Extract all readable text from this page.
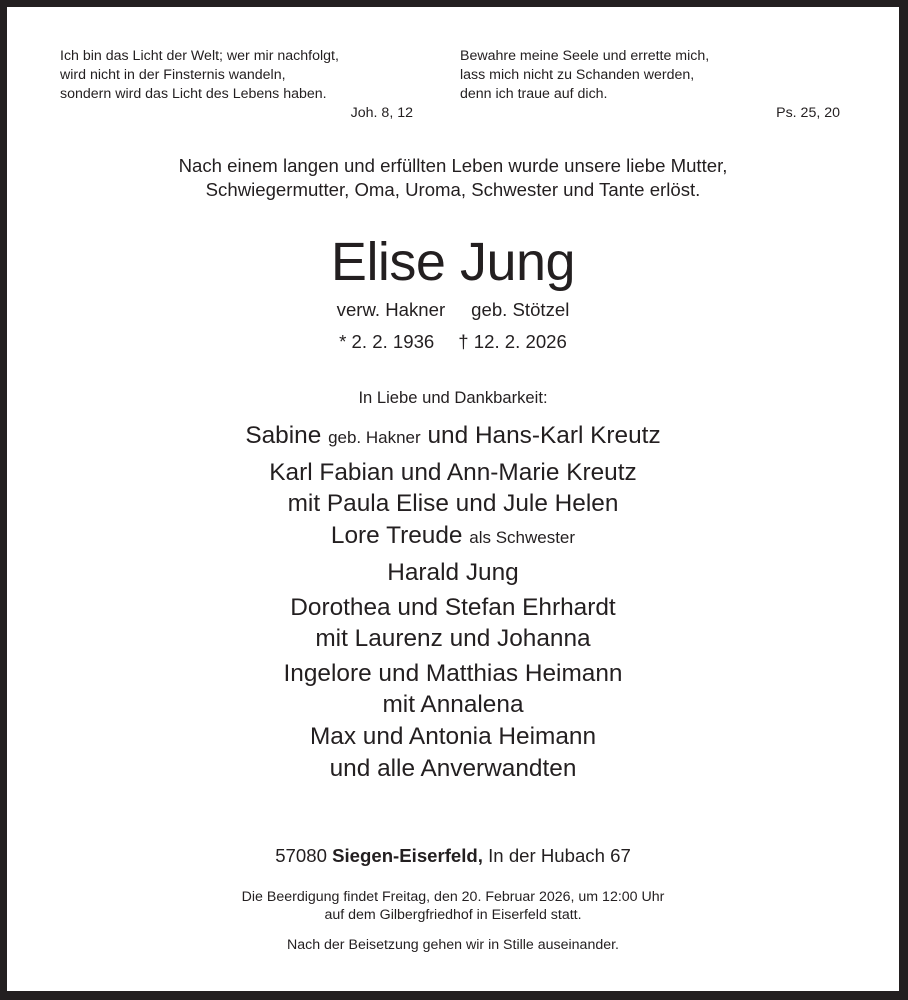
Ich bin das Licht der Welt; wer mir nachfolgt,
wird nicht in der Finsternis wandeln,
sondern wird das Licht des Lebens haben.
Joh. 8, 12
Bewahre meine Seele und errette mich,
lass mich nicht zu Schanden werden,
denn ich traue auf dich.
Ps. 25, 20
Nach einem langen und erfüllten Leben wurde unsere liebe Mutter,
Schwiegermutter, Oma, Uroma, Schwester und Tante erlöst.
Elise Jung
verw. Hakner geb. Stötzel
* 2. 2. 1936 † 12. 2. 2026
In Liebe und Dankbarkeit:
Sabine geb. Hakner und Hans-Karl Kreutz
Karl Fabian und Ann-Marie Kreutz
mit Paula Elise und Jule Helen
Lore Treude als Schwester
Harald Jung
Dorothea und Stefan Ehrhardt
mit Laurenz und Johanna
Ingelore und Matthias Heimann
mit Annalena
Max und Antonia Heimann
und alle Anverwandten
57080 Siegen-Eiserfeld, In der Hubach 67
Die Beerdigung findet Freitag, den 20. Februar 2026, um 12:00 Uhr
auf dem Gilbergfriedhof in Eiserfeld statt.
Nach der Beisetzung gehen wir in Stille auseinander.
